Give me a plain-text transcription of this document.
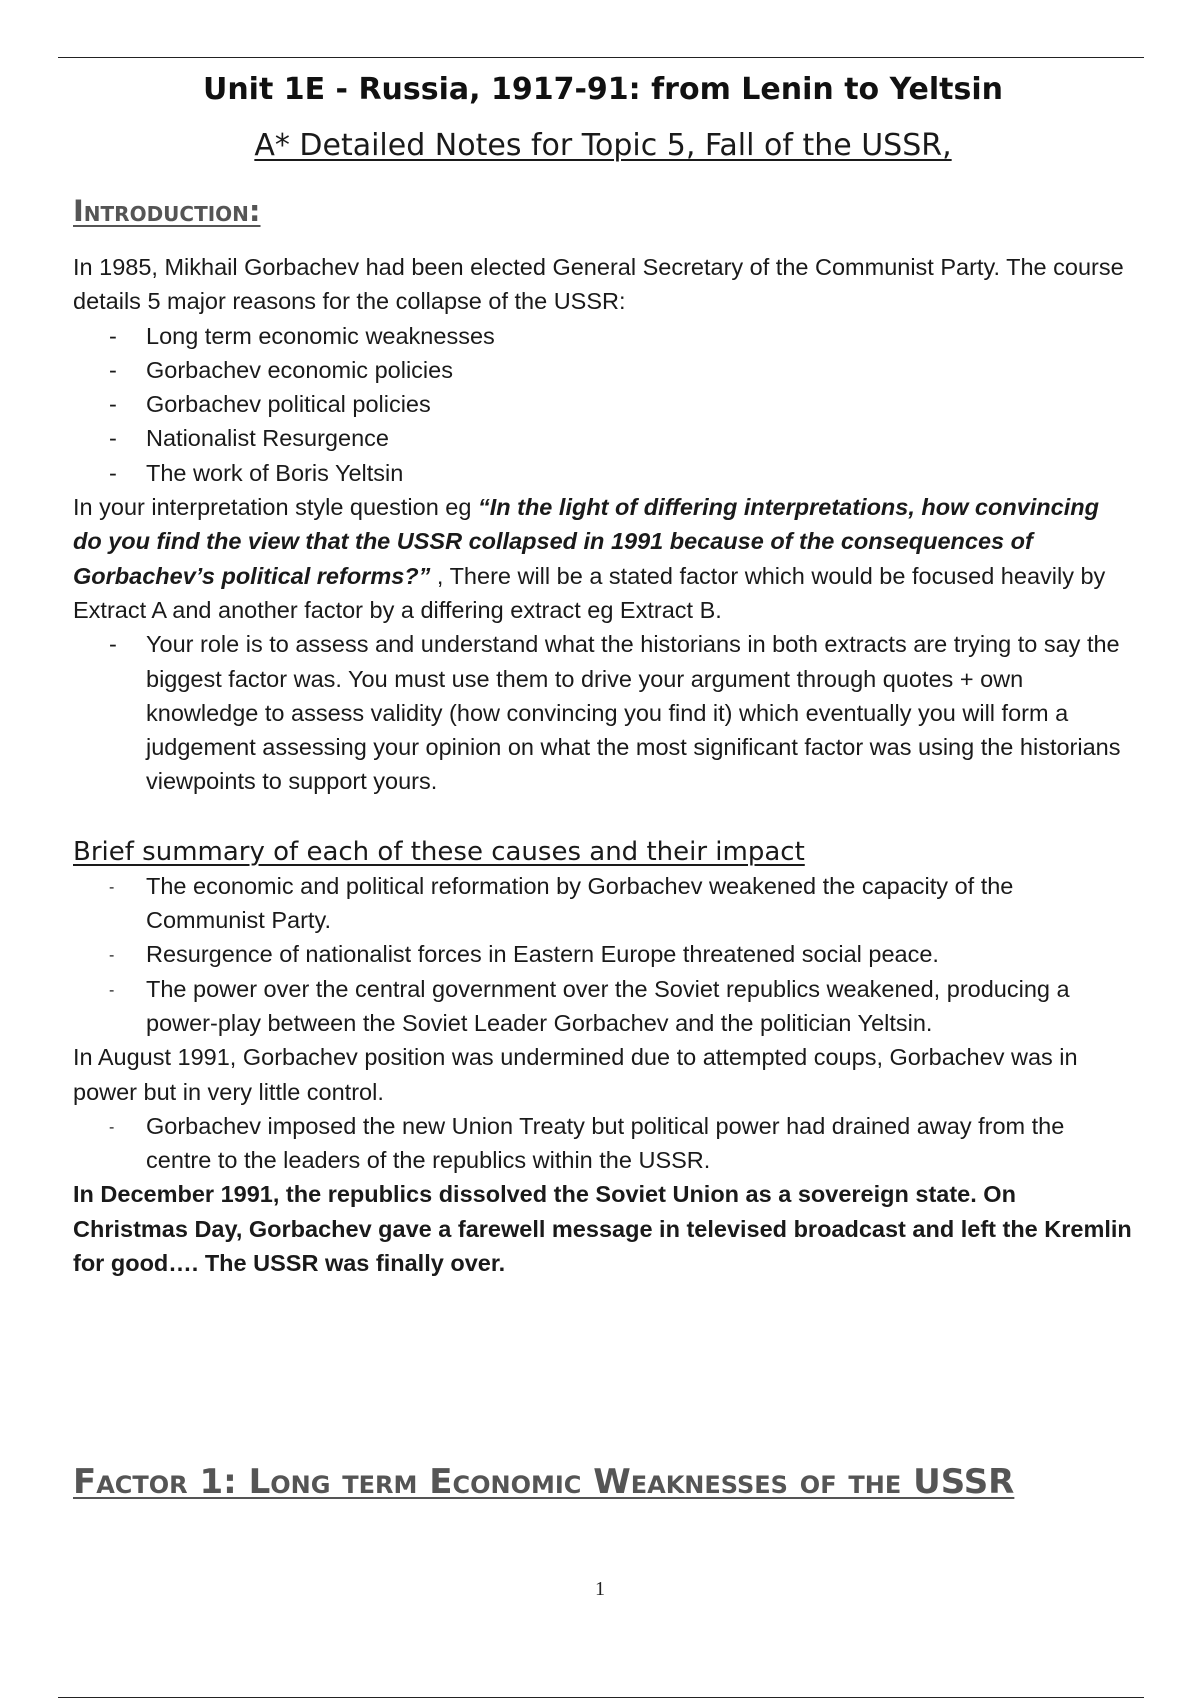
Unit 1E - Russia, 1917-91: from Lenin to Yeltsin
A* Detailed Notes for Topic 5, Fall of the USSR,
Introduction:

In 1985, Mikhail Gorbachev had been elected General Secretary of the Communist Party. The course details 5 major reasons for the collapse of the USSR:

- Long term economic weaknesses
- Gorbachev economic policies
- Gorbachev political policies
- Nationalist Resurgence
- The work of Boris Yeltsin

In your interpretation style question eg “In the light of differing interpretations, how convincing do you find the view that the USSR collapsed in 1991 because of the consequences of Gorbachev’s political reforms?” , There will be a stated factor which would be focused heavily by Extract A and another factor by a differing extract eg Extract B.

- Your role is to assess and understand what the historians in both extracts are trying to say the biggest factor was. You must use them to drive your argument through quotes + own knowledge to assess validity (how convincing you find it) which eventually you will form a judgement assessing your opinion on what the most significant factor was using the historians viewpoints to support yours.
Brief summary of each of these causes and their impact
- The economic and political reformation by Gorbachev weakened the capacity of the Communist Party.
- Resurgence of nationalist forces in Eastern Europe threatened social peace.
- The power over the central government over the Soviet republics weakened, producing a power-play between the Soviet Leader Gorbachev and the politician Yeltsin.

In August 1991, Gorbachev position was undermined due to attempted coups, Gorbachev was in power but in very little control.

- Gorbachev imposed the new Union Treaty but political power had drained away from the centre to the leaders of the republics within the USSR.

In December 1991, the republics dissolved the Soviet Union as a sovereign state. On Christmas Day, Gorbachev gave a farewell message in televised broadcast and left the Kremlin for good…. The USSR was finally over.

Factor 1: Long term Economic Weaknesses of the USSR
1
